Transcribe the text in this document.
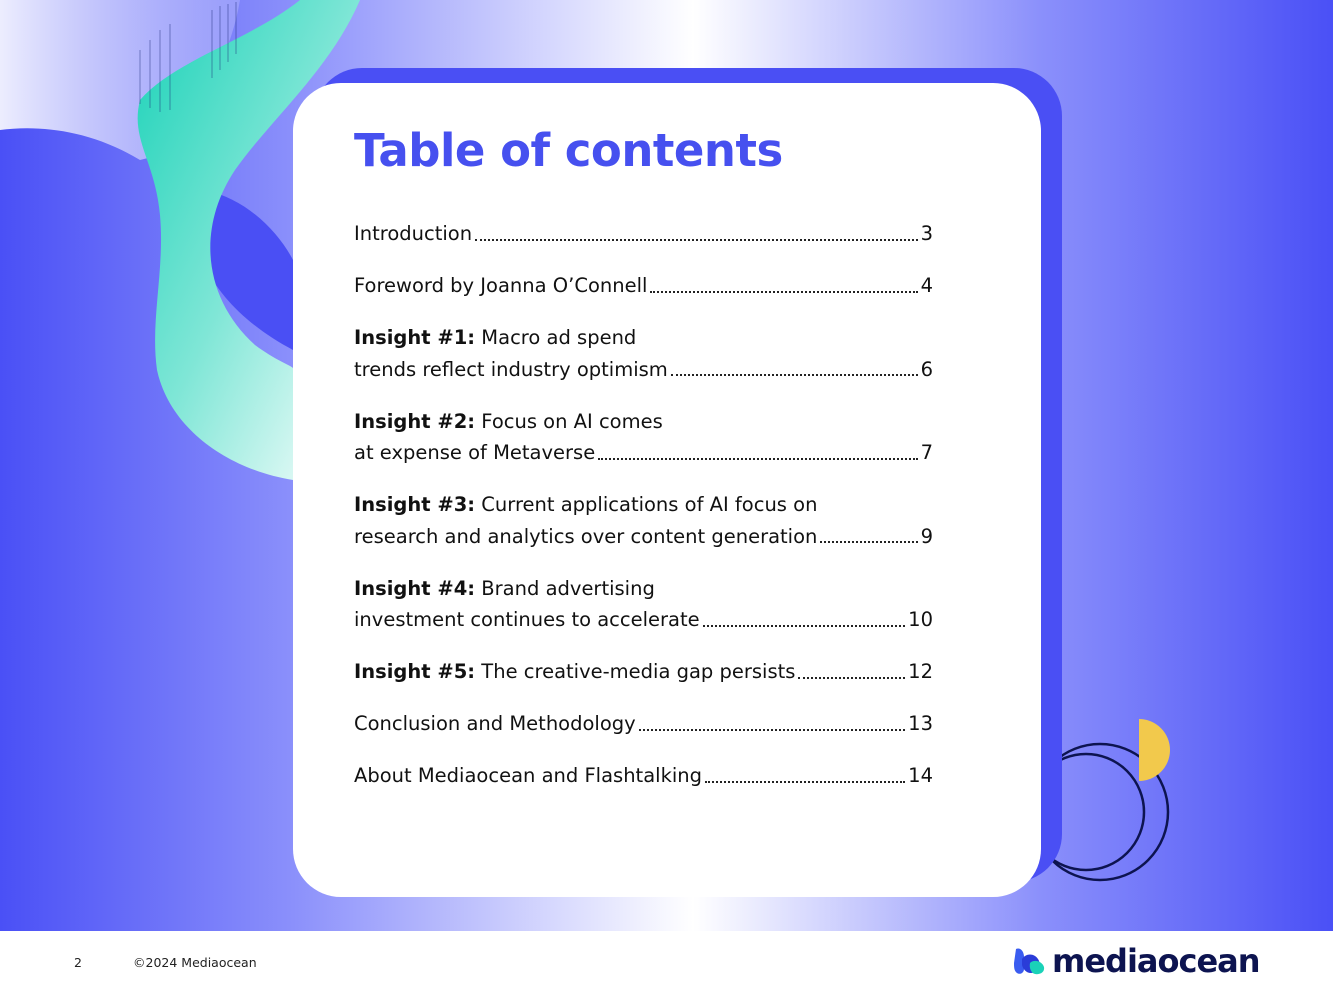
Table of contents
Introduction	3
Foreword by Joanna O’Connell	4
Insight #1: Macro ad spend
trends reflect industry optimism	6
Insight #2: Focus on AI comes
at expense of Metaverse	7
Insight #3: Current applications of AI focus on
research and analytics over content generation	9
Insight #4: Brand advertising
investment continues to accelerate	10
Insight #5: The creative-media gap persists	12
Conclusion and Methodology	13
About Mediaocean and Flashtalking	14
2	©2024 Mediaocean	mediaocean
